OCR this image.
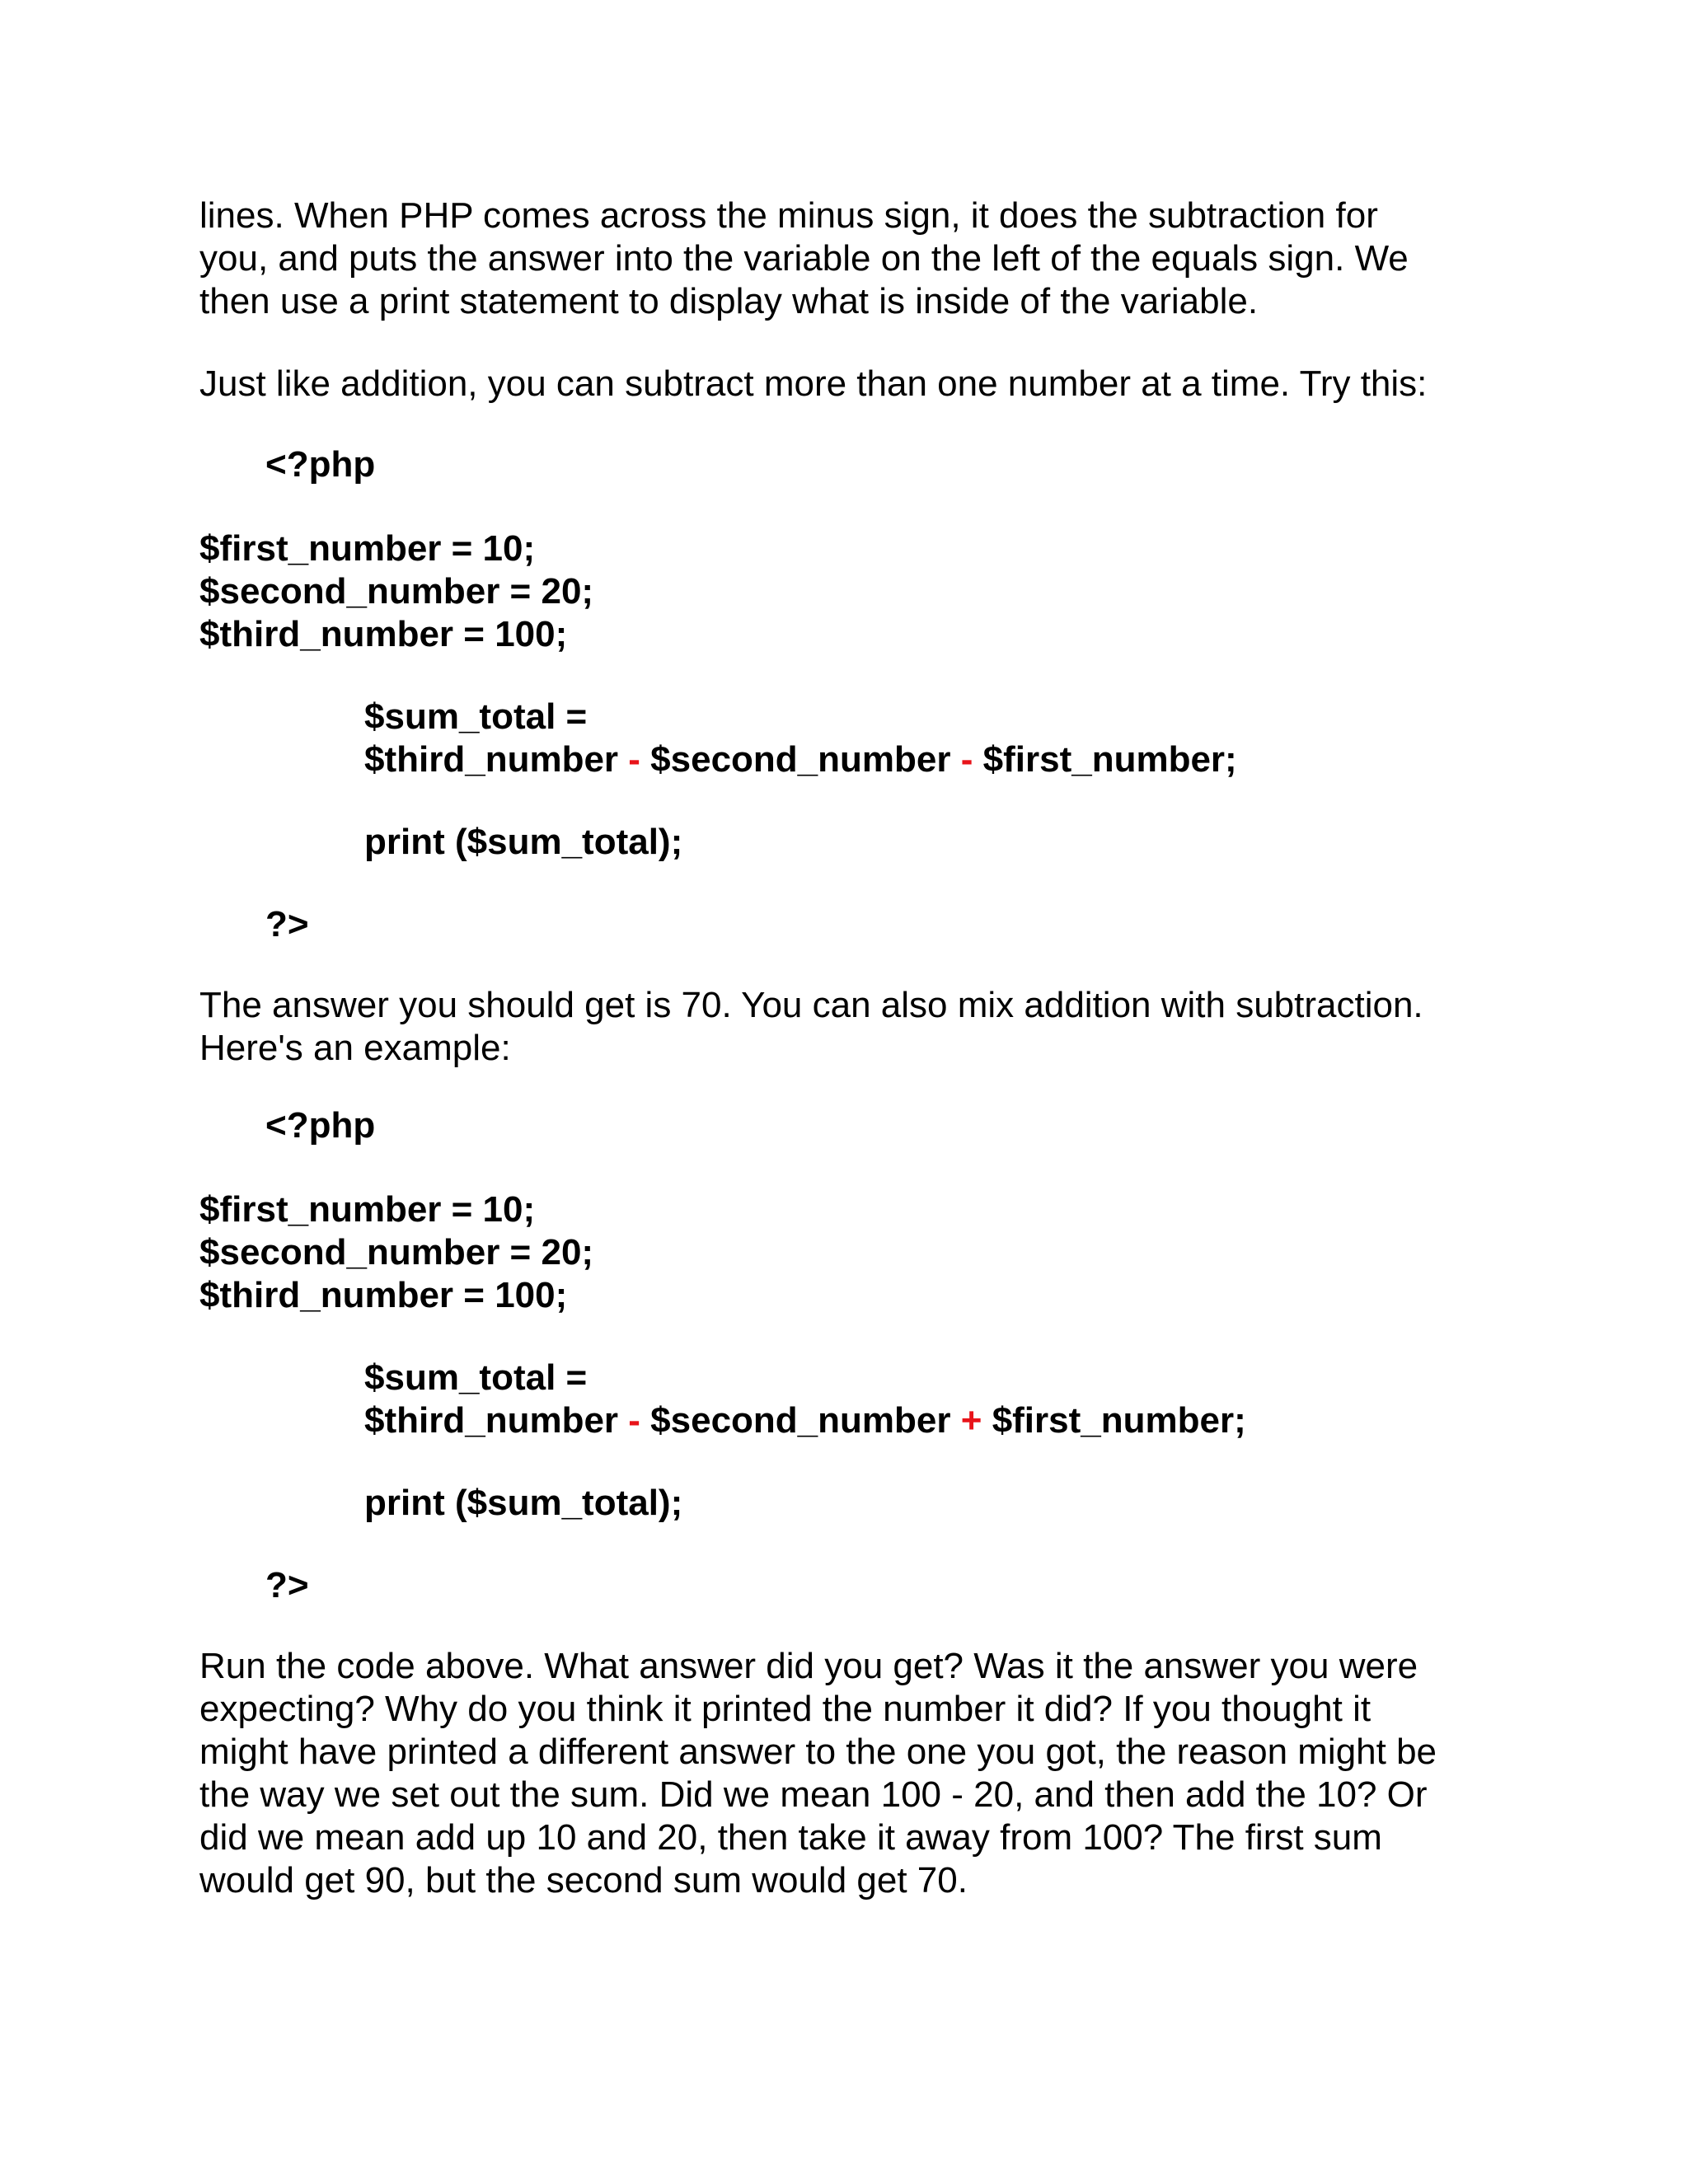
lines. When PHP comes across the minus sign, it does the subtraction for
you, and puts the answer into the variable on the left of the equals sign. We
then use a print statement to display what is inside of the variable.

Just like addition, you can subtract more than one number at a time. Try this:

<?php
$first_number = 10;
$second_number = 20;
$third_number = 100;
$sum_total =
$third_number - $second_number - $first_number;
print ($sum_total);
?>

The answer you should get is 70. You can also mix addition with subtraction.
Here's an example:

<?php
$first_number = 10;
$second_number = 20;
$third_number = 100;
$sum_total =
$third_number - $second_number + $first_number;
print ($sum_total);
?>

Run the code above. What answer did you get? Was it the answer you were
expecting? Why do you think it printed the number it did? If you thought it
might have printed a different answer to the one you got, the reason might be
the way we set out the sum. Did we mean 100 - 20, and then add the 10? Or
did we mean add up 10 and 20, then take it away from 100? The first sum
would get 90, but the second sum would get 70.
